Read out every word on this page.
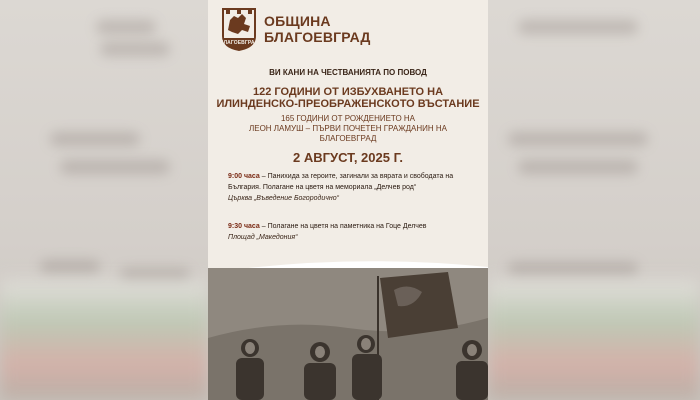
БЛАГОЕВГРАД
ОБЩИНА
БЛАГОЕВГРАД
ВИ КАНИ НА ЧЕСТВАНИЯТА ПО ПОВОД
122 ГОДИНИ ОТ ИЗБУХВАНЕТО НА
ИЛИНДЕНСКО-ПРЕОБРАЖЕНСКОТО ВЪСТАНИЕ
165 ГОДИНИ ОТ РОЖДЕНИЕТО НА
ЛЕОН ЛАМУШ – ПЪРВИ ПОЧЕТЕН ГРАЖДАНИН НА
БЛАГОЕВГРАД
2 АВГУСТ, 2025 Г.
9:00 часа – Панихида за героите, загинали за вярата и свободата на
България. Полагане на цветя на мемориала „Делчев род“
Църква „Въведение Богородично“
9:30 часа – Полагане на цветя на паметника на Гоце Делчев
Площад „Македония“
